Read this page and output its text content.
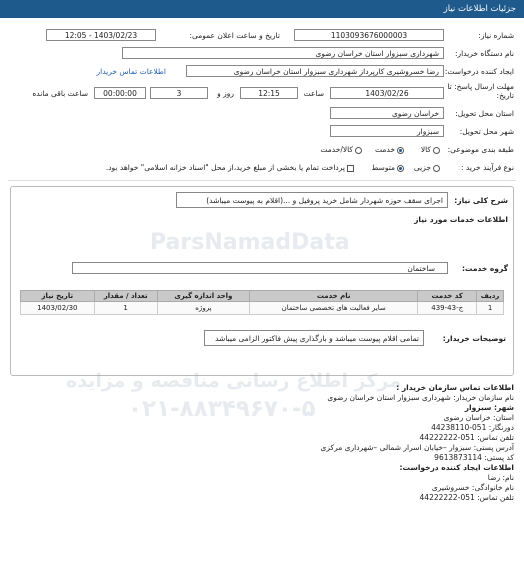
جزئیات اطلاعات نیاز
شماره نیاز:
1103093676000003
تاریخ و ساعت اعلان عمومی:
1403/02/23 - 12:05
نام دستگاه خریدار:
شهرداری سبزوار استان خراسان رضوی
ایجاد کننده درخواست:
رضا خسروشیری کارپرداز شهرداری سبزوار استان خراسان رضوی
اطلاعات تماس خریدار
مهلت ارسال پاسخ: تا
تاریخ:
1403/02/26
ساعت
12:15
3	روز و
00:00:00
ساعت باقی مانده
استان محل تحویل:
خراسان رضوی
شهر محل تحویل:
سبزوار
طبقه بندی موضوعی:
کالا
خدمت
کالا/خدمت
نوع فرآیند خرید :
جزیی
متوسط
پرداخت تمام یا بخشی از مبلغ خرید،از محل "اسناد خزانه اسلامی" خواهد بود.
شرح کلی نیاز:
اجرای سقف حوزه شهردار شامل خرید پروفیل و ...(اقلام به پیوست میباشد)
اطلاعات خدمات مورد نیاز
گروه خدمت:
ساختمان
ردیف	کد خدمت	نام خدمت	واحد اندازه گیری	تعداد / مقدار	تاریخ نیاز
1	ج-43-439	سایر فعالیت های تخصصی ساختمان	پروژه	1	1403/02/30
توضیحات خریدار:
تمامی اقلام پیوست میباشد و بارگذاری پیش فاکتور الزامی میباشد
مرکز اطلاع رسانی مناقصه و مزایده
۰۲۱-۸۸۳۴۹۶۷۰-۵
اطلاعات تماس سازمان خریدار :
نام سازمان خریدار: شهرداری سبزوار استان خراسان رضوی
شهر: سبزوار
استان: خراسان رضوی
دورنگار: 051-44238110
تلفن تماس: 051-44222222
آدرس پستی: سبزوار –خیابان اسرار شمالی –شهرداری مرکزی
کد پستی: 9613873114
اطلاعات ایجاد کننده درخواست:
نام: رضا
نام خانوادگی: خسروشیری
تلفن تماس: 051-44222222
